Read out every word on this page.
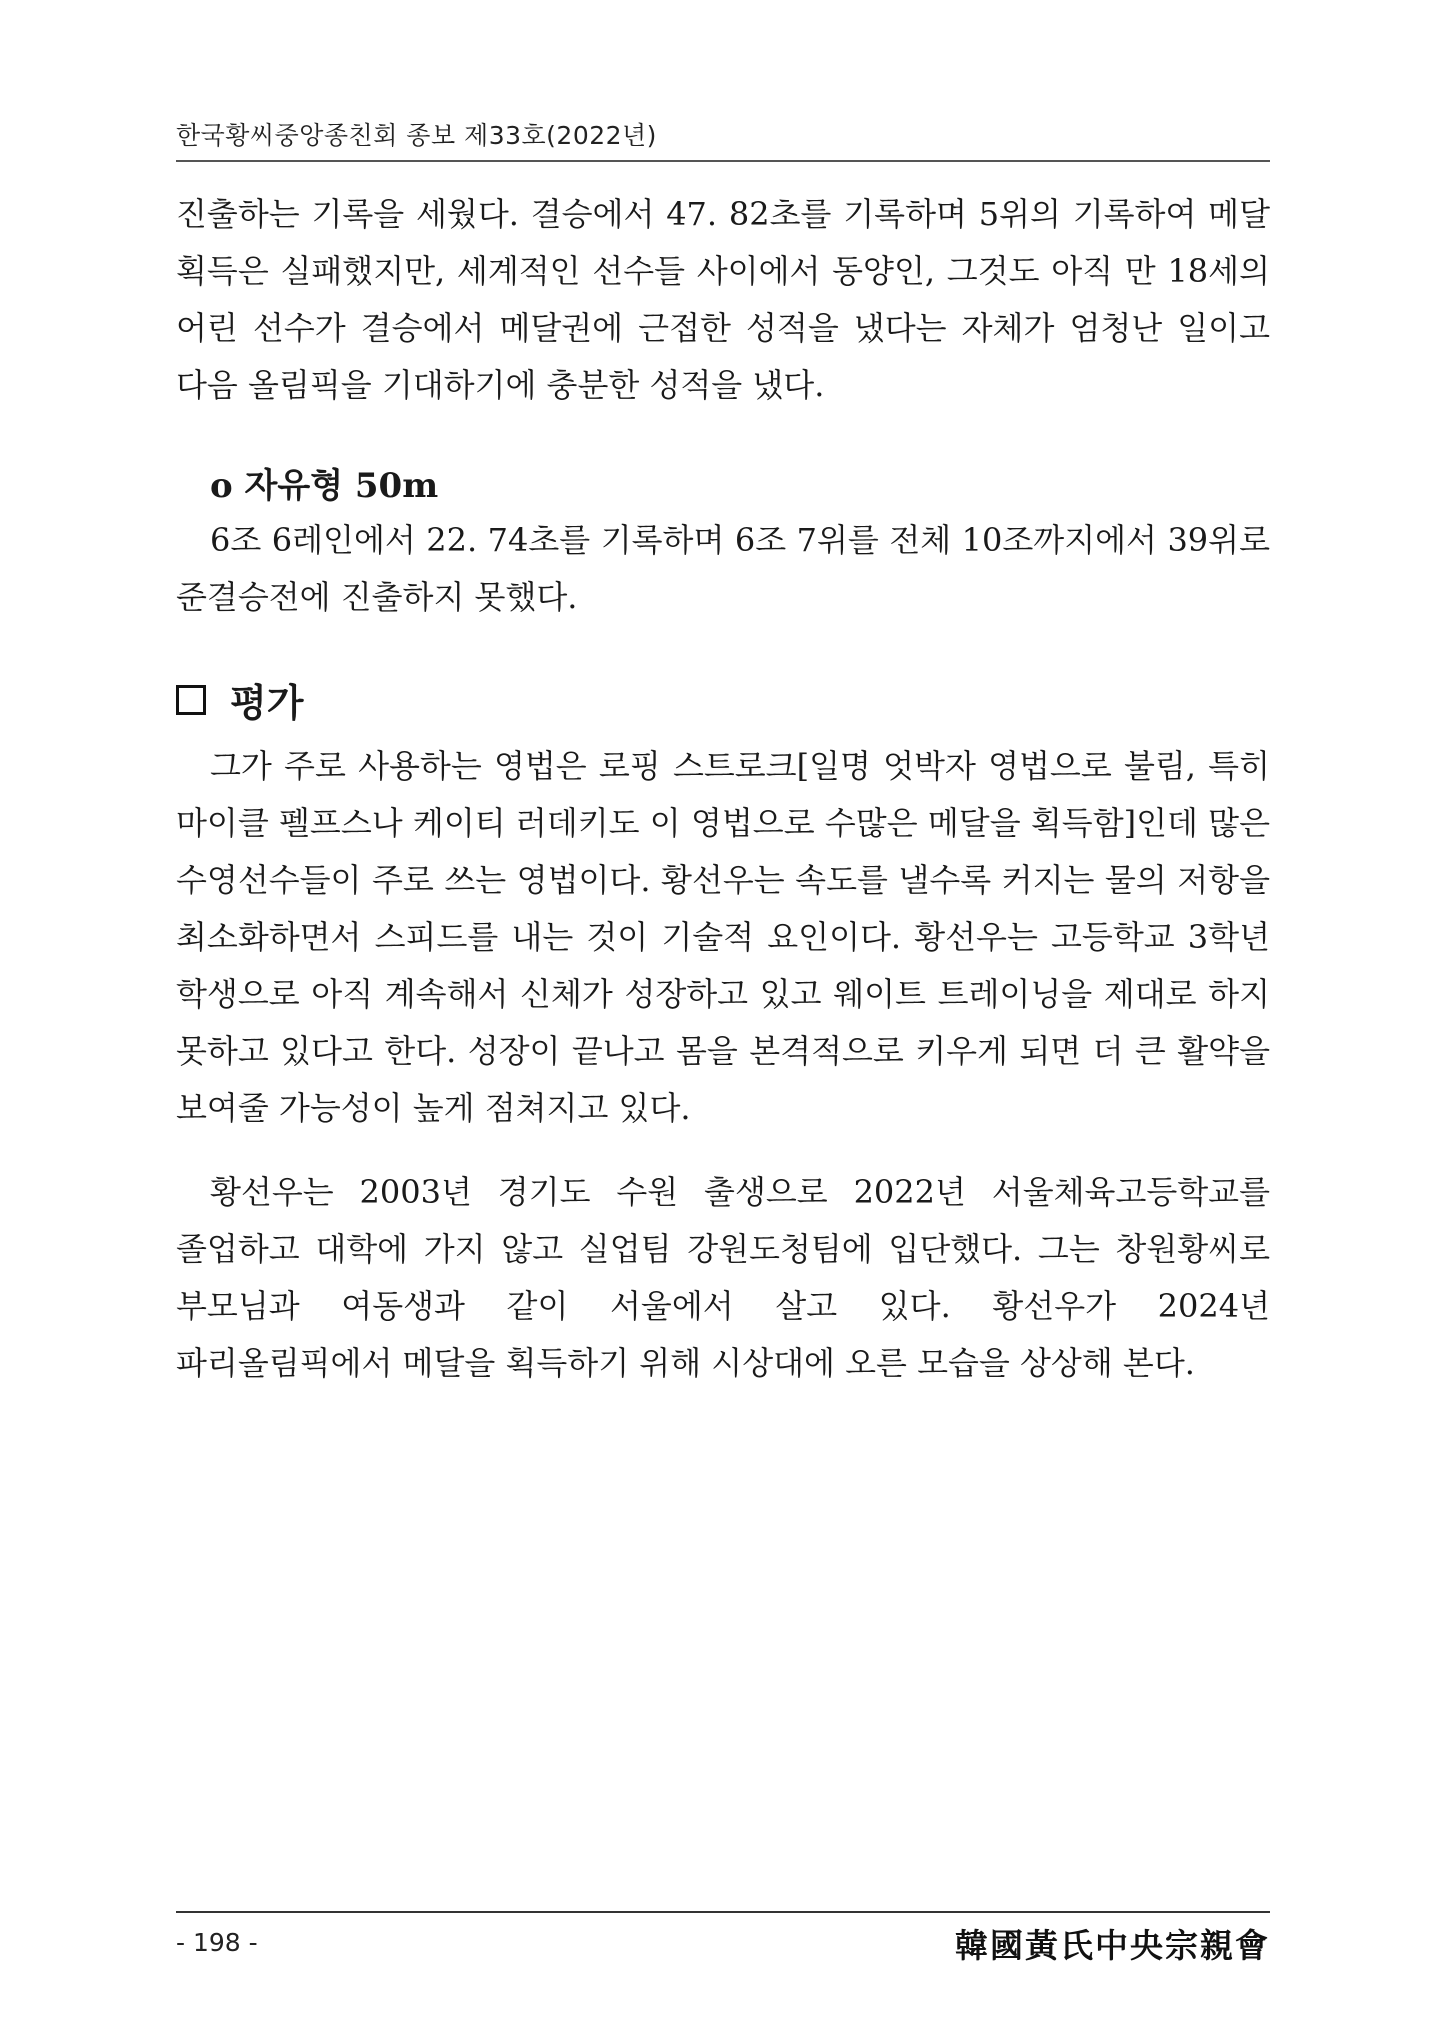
한국황씨중앙종친회 종보 제33호(2022년)

진출하는 기록을 세웠다. 결승에서 47. 82초를 기록하며 5위의 기록하여 메달 획득은 실패했지만, 세계적인 선수들 사이에서 동양인, 그것도 아직 만 18세의 어린 선수가 결승에서 메달권에 근접한 성적을 냈다는 자체가 엄청난 일이고 다음 올림픽을 기대하기에 충분한 성적을 냈다.

o 자유형 50m

6조 6레인에서 22. 74초를 기록하며 6조 7위를 전체 10조까지에서 39위로 준결승전에 진출하지 못했다.

평가

그가 주로 사용하는 영법은 로핑 스트로크[일명 엇박자 영법으로 불림, 특히 마이클 펠프스나 케이티 러데키도 이 영법으로 수많은 메달을 획득함]인데 많은 수영선수들이 주로 쓰는 영법이다. 황선우는 속도를 낼수록 커지는 물의 저항을 최소화하면서 스피드를 내는 것이 기술적 요인이다. 황선우는 고등학교 3학년 학생으로 아직 계속해서 신체가 성장하고 있고 웨이트 트레이닝을 제대로 하지 못하고 있다고 한다. 성장이 끝나고 몸을 본격적으로 키우게 되면 더 큰 활약을 보여줄 가능성이 높게 점쳐지고 있다.

황선우는 2003년 경기도 수원 출생으로 2022년 서울체육고등학교를 졸업하고 대학에 가지 않고 실업팀 강원도청팀에 입단했다. 그는 창원황씨로 부모님과 여동생과 같이 서울에서 살고 있다. 황선우가 2024년 파리올림픽에서 메달을 획득하기 위해 시상대에 오른 모습을 상상해 본다.

- 198 -	韓國黃氏中央宗親會
